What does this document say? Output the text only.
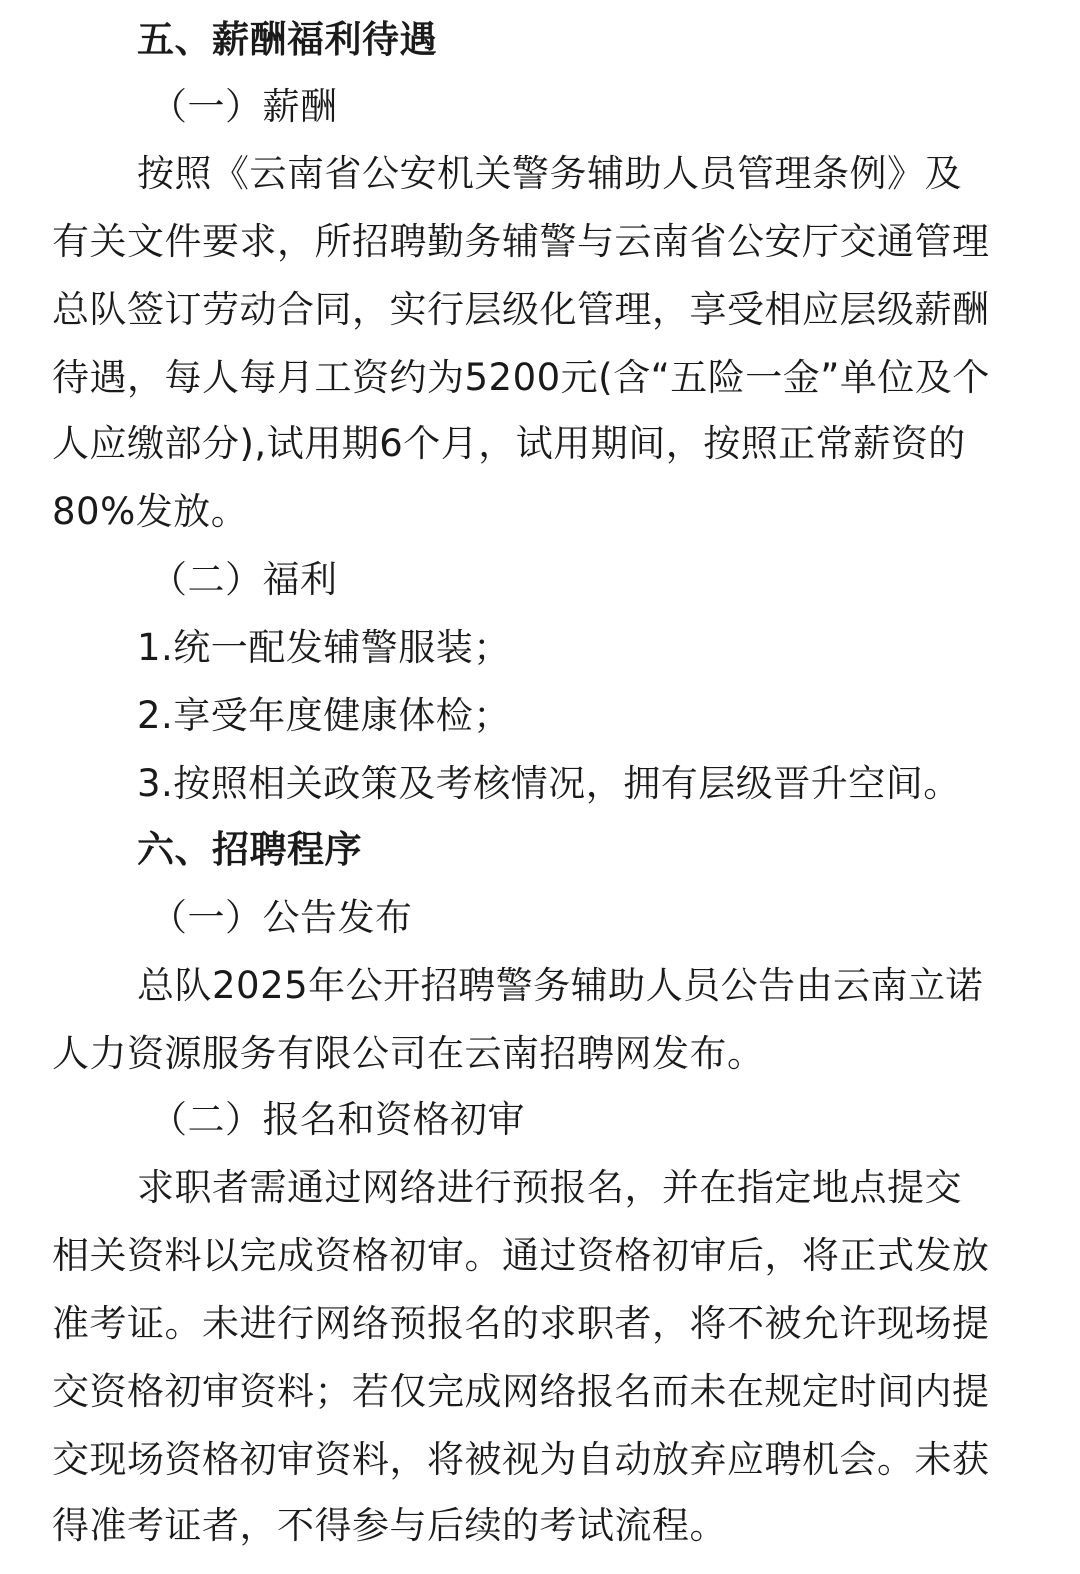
五、薪酬福利待遇
（一）薪酬
按照《云南省公安机关警务辅助人员管理条例》及
有关文件要求，所招聘勤务辅警与云南省公安厅交通管理
总队签订劳动合同，实行层级化管理，享受相应层级薪酬
待遇，每人每月工资约为5200元(含“五险一金”单位及个
人应缴部分),试用期6个月，试用期间，按照正常薪资的
80%发放。
（二）福利
1.统一配发辅警服装；
2.享受年度健康体检；
3.按照相关政策及考核情况，拥有层级晋升空间。
六、招聘程序
（一）公告发布
总队2025年公开招聘警务辅助人员公告由云南立诺
人力资源服务有限公司在云南招聘网发布。
（二）报名和资格初审
求职者需通过网络进行预报名，并在指定地点提交
相关资料以完成资格初审。通过资格初审后，将正式发放
准考证。未进行网络预报名的求职者，将不被允许现场提
交资格初审资料；若仅完成网络报名而未在规定时间内提
交现场资格初审资料，将被视为自动放弃应聘机会。未获
得准考证者，不得参与后续的考试流程。
